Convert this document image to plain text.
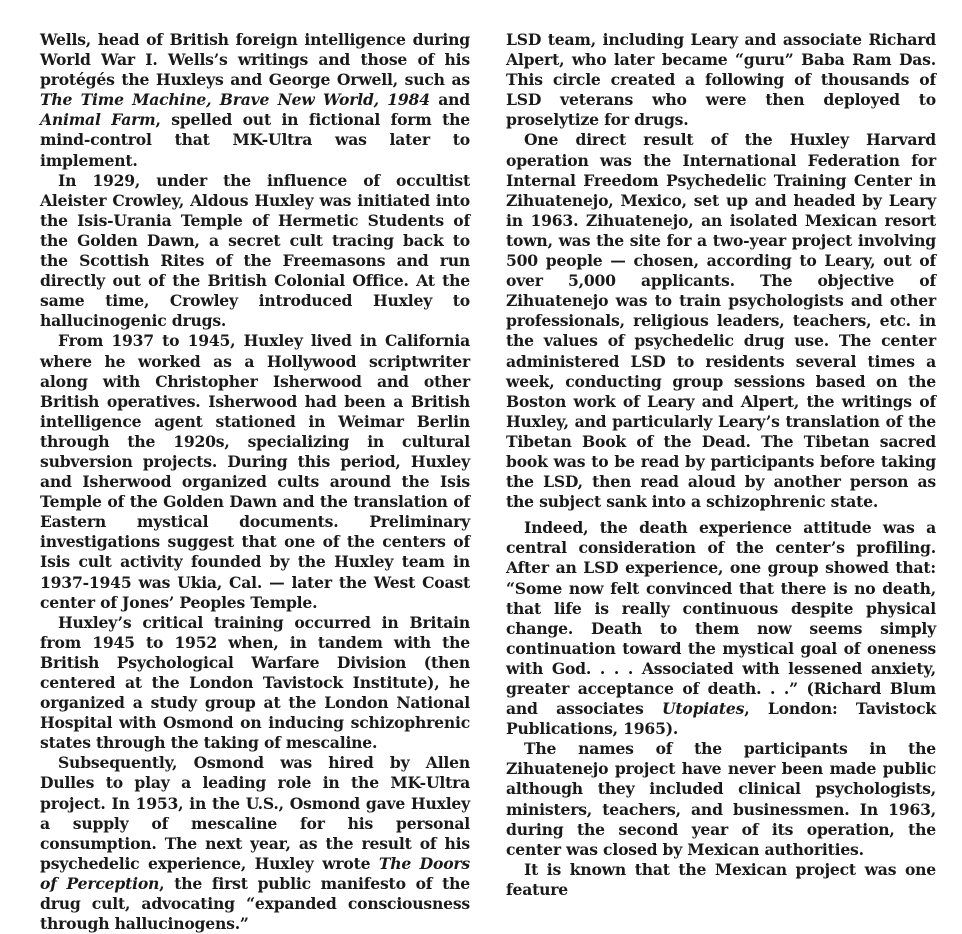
Wells, head of British foreign intelligence during World War I. Wells’s writings and those of his protégés the Huxleys and George Orwell, such as The Time Machine, Brave New World, 1984 and Animal Farm, spelled out in fictional form the mind-control that MK-Ultra was later to implement.

In 1929, under the influence of occultist Aleister Crowley, Aldous Huxley was initiated into the Isis-Urania Temple of Hermetic Students of the Golden Dawn, a secret cult tracing back to the Scottish Rites of the Freemasons and run directly out of the British Colonial Office. At the same time, Crowley introduced Huxley to hallucinogenic drugs.

From 1937 to 1945, Huxley lived in California where he worked as a Hollywood scriptwriter along with Christopher Isherwood and other British operatives. Isherwood had been a British intelligence agent stationed in Weimar Berlin through the 1920s, specializing in cultural subversion projects. During this period, Huxley and Isherwood organized cults around the Isis Temple of the Golden Dawn and the translation of Eastern mystical documents. Preliminary investigations suggest that one of the centers of Isis cult activity founded by the Huxley team in 1937-1945 was Ukia, Cal. — later the West Coast center of Jones’ Peoples Temple.

Huxley’s critical training occurred in Britain from 1945 to 1952 when, in tandem with the British Psychological Warfare Division (then centered at the London Tavistock Institute), he organized a study group at the London National Hospital with Osmond on inducing schizophrenic states through the taking of mescaline.

Subsequently, Osmond was hired by Allen Dulles to play a leading role in the MK-Ultra project. In 1953, in the U.S., Osmond gave Huxley a supply of mescaline for his personal consumption. The next year, as the result of his psychedelic experience, Huxley wrote The Doors of Perception, the first public manifesto of the drug cult, advocating “expanded consciousness through hallucinogens.”

LSD team, including Leary and associate Richard Alpert, who later became “guru” Baba Ram Das. This circle created a following of thousands of LSD veterans who were then deployed to proselytize for drugs.

One direct result of the Huxley Harvard operation was the International Federation for Internal Freedom Psychedelic Training Center in Zihuatenejo, Mexico, set up and headed by Leary in 1963. Zihuatenejo, an isolated Mexican resort town, was the site for a two-year project involving 500 people — chosen, according to Leary, out of over 5,000 applicants. The objective of Zihuatenejo was to train psychologists and other professionals, religious leaders, teachers, etc. in the values of psychedelic drug use. The center administered LSD to residents several times a week, conducting group sessions based on the Boston work of Leary and Alpert, the writings of Huxley, and particularly Leary’s translation of the Tibetan Book of the Dead. The Tibetan sacred book was to be read by participants before taking the LSD, then read aloud by another person as the subject sank into a schizophrenic state.

Indeed, the death experience attitude was a central consideration of the center’s profiling. After an LSD experience, one group showed that: “Some now felt convinced that there is no death, that life is really continuous despite physical change. Death to them now seems simply continuation toward the mystical goal of oneness with God. . . . Associated with lessened anxiety, greater acceptance of death. . .” (Richard Blum and associates Utopiates, London: Tavistock Publications, 1965).

The names of the participants in the Zihuatenejo project have never been made public although they included clinical psychologists, ministers, teachers, and businessmen. In 1963, during the second year of its operation, the center was closed by Mexican authorities.

It is known that the Mexican project was one feature
